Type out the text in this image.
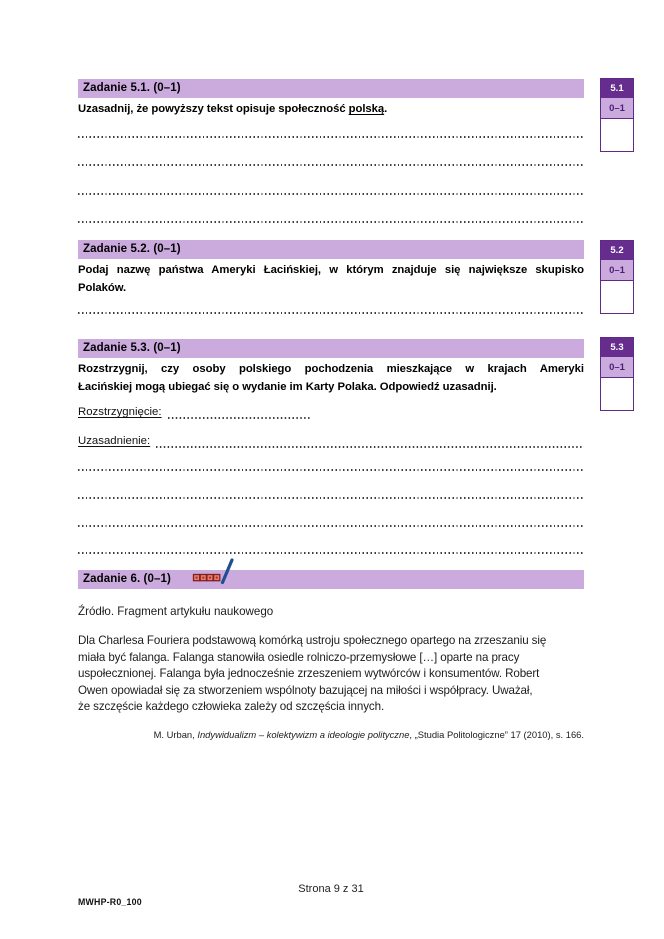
Zadanie 5.1. (0–1)
Uzasadnij, że powyższy tekst opisuje społeczność polską.
5.1
0–1
Zadanie 5.2. (0–1)
Podaj nazwę państwa Ameryki Łacińskiej, w którym znajduje się największe skupisko
Polaków.
5.2
0–1
Zadanie 5.3. (0–1)
Rozstrzygnij, czy osoby polskiego pochodzenia mieszkające w krajach Ameryki
Łacińskiej mogą ubiegać się o wydanie im Karty Polaka. Odpowiedź uzasadnij.
Rozstrzygnięcie:
Uzasadnienie:
5.3
0–1
Zadanie 6. (0–1)
Źródło. Fragment artykułu naukowego
Dla Charlesa Fouriera podstawową komórką ustroju społecznego opartego na zrzeszaniu się
miała być falanga. Falanga stanowiła osiedle rolniczo-przemysłowe […] oparte na pracy
uspołecznionej. Falanga była jednocześnie zrzeszeniem wytwórców i konsumentów. Robert
Owen opowiadał się za stworzeniem wspólnoty bazującej na miłości i współpracy. Uważał,
że szczęście każdego człowieka zależy od szczęścia innych.
M. Urban, Indywidualizm – kolektywizm a ideologie polityczne, „Studia Politologiczne” 17 (2010), s. 166.
Strona 9 z 31
MWHP-R0_100
